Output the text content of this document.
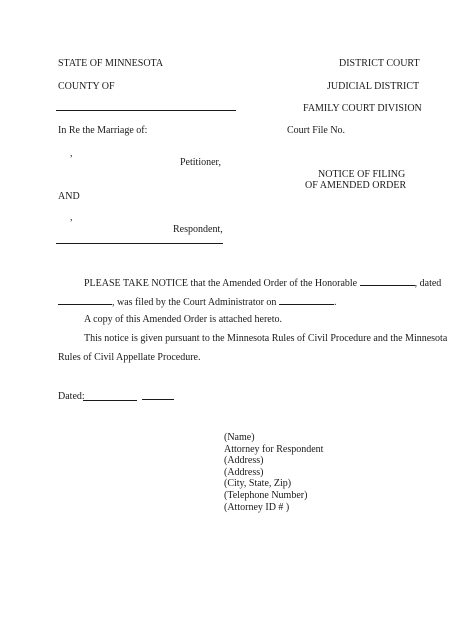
STATE OF MINNESOTA	DISTRICT COURT
COUNTY OF	JUDICIAL DISTRICT
FAMILY COURT DIVISION
In Re the Marriage of:	Court File No.
,
Petitioner,
NOTICE OF FILING
OF AMENDED ORDER
AND
,
Respondent,
PLEASE TAKE NOTICE that the Amended Order of the Honorable	, dated
, was filed by the Court Administrator on	.
A copy of this Amended Order is attached hereto.
This notice is given pursuant to the Minnesota Rules of Civil Procedure and the Minnesota
Rules of Civil Appellate Procedure.
Dated:
(Name)
Attorney for Respondent
(Address)
(Address)
(City, State, Zip)
(Telephone Number)
(Attorney ID # )
